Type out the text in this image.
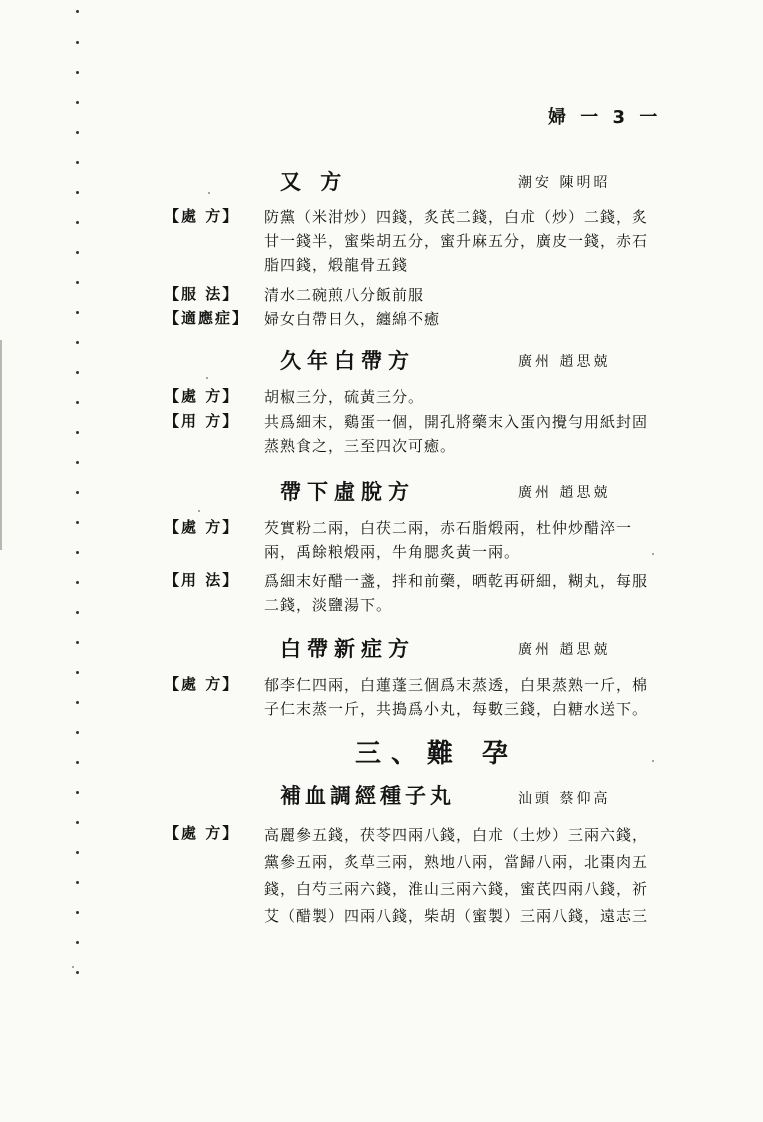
婦 一 3 一
又 方	潮安 陳明昭
【處 方】	防黨（米泔炒）四錢，炙芪二錢，白朮（炒）二錢，炙
甘一錢半，蜜柴胡五分，蜜升麻五分，廣皮一錢，赤石
脂四錢，煅龍骨五錢
【服 法】	清水二碗煎八分飯前服
【適應症】 婦女白帶日久，纏綿不癒
久年白帶方	廣州 趙思兢
【處 方】	胡椒三分，硫黃三分。
【用 方】	共爲細末，鷄蛋一個，開孔將藥末入蛋內攪勻用紙封固
蒸熟食之，三至四次可癒。
帶下虛脫方	廣州 趙思兢
【處 方】	芡實粉二兩，白茯二兩，赤石脂煅兩，杜仲炒醋淬一
兩，禹餘粮煅兩，牛角腮炙黃一兩。
【用 法】	爲細末好醋一盞，拌和前藥，晒乾再研細，糊丸，每服
二錢，淡鹽湯下。
白帶新症方	廣州 趙思兢
【處 方】	郁李仁四兩，白蓮蓬三個爲末蒸透，白果蒸熟一斤，棉
子仁末蒸一斤，共搗爲小丸，每數三錢，白糖水送下。
三、難 孕
補血調經種子丸	汕頭 蔡仰高
【處 方】	高麗參五錢，茯苓四兩八錢，白朮（土炒）三兩六錢，
黨參五兩，炙草三兩，熟地八兩，當歸八兩，北棗肉五
錢，白芍三兩六錢，淮山三兩六錢，蜜芪四兩八錢，祈
艾（醋製）四兩八錢，柴胡（蜜製）三兩八錢，遠志三
